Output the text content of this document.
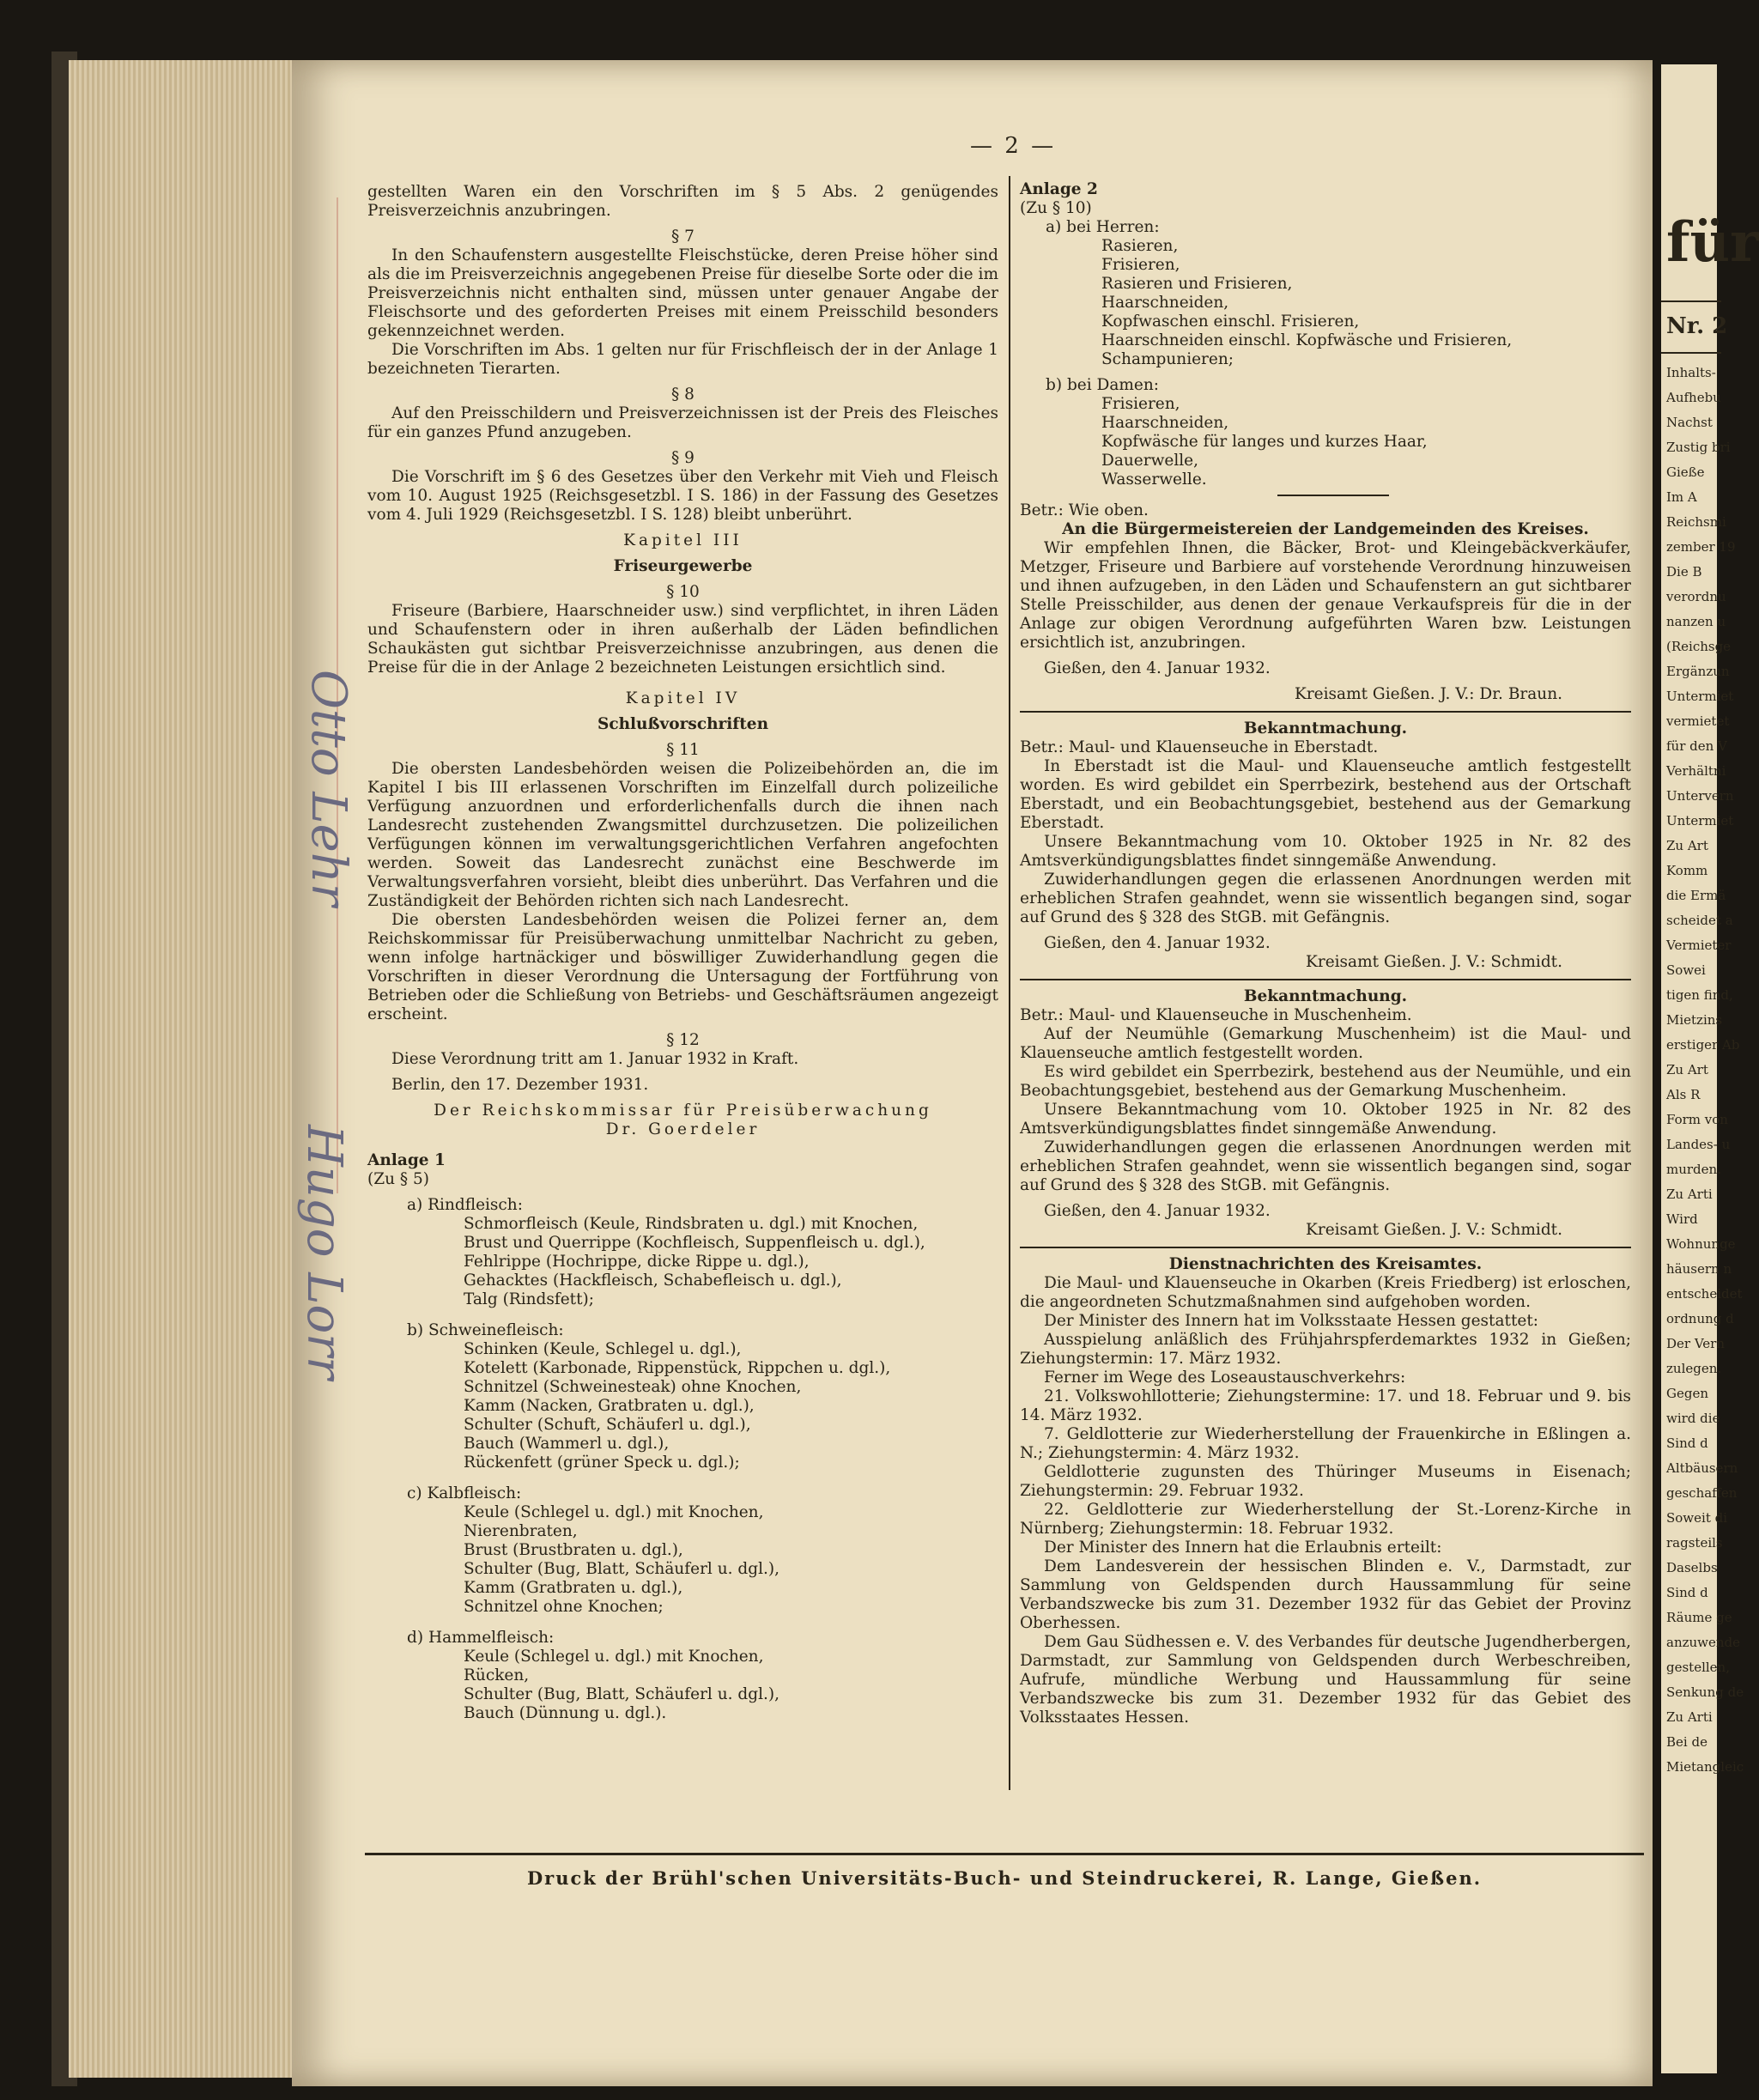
— 2 —

gestellten Waren ein den Vorschriften im § 5 Abs. 2 genügendes Preisverzeichnis anzubringen.

§ 7

In den Schaufenstern ausgestellte Fleischstücke, deren Preise höher sind als die im Preisverzeichnis angegebenen Preise für dieselbe Sorte oder die im Preisverzeichnis nicht enthalten sind, müssen unter genauer Angabe der Fleischsorte und des geforderten Preises mit einem Preisschild besonders gekennzeichnet werden.

Die Vorschriften im Abs. 1 gelten nur für Frischfleisch der in der Anlage 1 bezeichneten Tierarten.

§ 8

Auf den Preisschildern und Preisverzeichnissen ist der Preis des Fleisches für ein ganzes Pfund anzugeben.

§ 9

Die Vorschrift im § 6 des Gesetzes über den Verkehr mit Vieh und Fleisch vom 10. August 1925 (Reichsgesetzbl. I S. 186) in der Fassung des Gesetzes vom 4. Juli 1929 (Reichsgesetzbl. I S. 128) bleibt unberührt.

Kapitel III

Friseurgewerbe

§ 10

Friseure (Barbiere, Haarschneider usw.) sind verpflichtet, in ihren Läden und Schaufenstern oder in ihren außerhalb der Läden befindlichen Schaukästen gut sichtbar Preisverzeichnisse anzubringen, aus denen die Preise für die in der Anlage 2 bezeichneten Leistungen ersichtlich sind.

Kapitel IV

Schlußvorschriften

§ 11

Die obersten Landesbehörden weisen die Polizeibehörden an, die im Kapitel I bis III erlassenen Vorschriften im Einzelfall durch polizeiliche Verfügung anzuordnen und erforderlichenfalls durch die ihnen nach Landesrecht zustehenden Zwangsmittel durchzusetzen. Die polizeilichen Verfügungen können im verwaltungsgerichtlichen Verfahren angefochten werden. Soweit das Landesrecht zunächst eine Beschwerde im Verwaltungsverfahren vorsieht, bleibt dies unberührt. Das Verfahren und die Zuständigkeit der Behörden richten sich nach Landesrecht.

Die obersten Landesbehörden weisen die Polizei ferner an, dem Reichskommissar für Preisüberwachung unmittelbar Nachricht zu geben, wenn infolge hartnäckiger und böswilliger Zuwiderhandlung gegen die Vorschriften in dieser Verordnung die Untersagung der Fortführung von Betrieben oder die Schließung von Betriebs- und Geschäftsräumen angezeigt erscheint.

§ 12

Diese Verordnung tritt am 1. Januar 1932 in Kraft.

Berlin, den 17. Dezember 1931.

Der Reichskommissar für Preisüberwachung

Dr. Goerdeler

Anlage 1

(Zu § 5)

a) Rindfleisch:

Schmorfleisch (Keule, Rindsbraten u. dgl.) mit Knochen,
Brust und Querrippe (Kochfleisch, Suppenfleisch u. dgl.),
Fehlrippe (Hochrippe, dicke Rippe u. dgl.),
Gehacktes (Hackfleisch, Schabefleisch u. dgl.),
Talg (Rindsfett);

b) Schweinefleisch:

Schinken (Keule, Schlegel u. dgl.),
Kotelett (Karbonade, Rippenstück, Rippchen u. dgl.),
Schnitzel (Schweinesteak) ohne Knochen,
Kamm (Nacken, Gratbraten u. dgl.),
Schulter (Schuft, Schäuferl u. dgl.),
Bauch (Wammerl u. dgl.),
Rückenfett (grüner Speck u. dgl.);

c) Kalbfleisch:

Keule (Schlegel u. dgl.) mit Knochen,
Nierenbraten,
Brust (Brustbraten u. dgl.),
Schulter (Bug, Blatt, Schäuferl u. dgl.),
Kamm (Gratbraten u. dgl.),
Schnitzel ohne Knochen;

d) Hammelfleisch:

Keule (Schlegel u. dgl.) mit Knochen,
Rücken,
Schulter (Bug, Blatt, Schäuferl u. dgl.),
Bauch (Dünnung u. dgl.).

Anlage 2

(Zu § 10)

a) bei Herren:

Rasieren,
Frisieren,
Rasieren und Frisieren,
Haarschneiden,
Kopfwaschen einschl. Frisieren,
Haarschneiden einschl. Kopfwäsche und Frisieren,
Schampunieren;

b) bei Damen:

Frisieren,
Haarschneiden,
Kopfwäsche für langes und kurzes Haar,
Dauerwelle,
Wasserwelle.

Betr.: Wie oben.

An die Bürgermeistereien der Landgemeinden des Kreises.

Wir empfehlen Ihnen, die Bäcker, Brot- und Kleingebäckverkäufer, Metzger, Friseure und Barbiere auf vorstehende Verordnung hinzuweisen und ihnen aufzugeben, in den Läden und Schaufenstern an gut sichtbarer Stelle Preisschilder, aus denen der genaue Verkaufspreis für die in der Anlage zur obigen Verordnung aufgeführten Waren bzw. Leistungen ersichtlich ist, anzubringen.

Gießen, den 4. Januar 1932.

Kreisamt Gießen. J. V.: Dr. Braun.

Bekanntmachung.

Betr.: Maul- und Klauenseuche in Eberstadt.

In Eberstadt ist die Maul- und Klauenseuche amtlich festgestellt worden. Es wird gebildet ein Sperrbezirk, bestehend aus der Ortschaft Eberstadt, und ein Beobachtungsgebiet, bestehend aus der Gemarkung Eberstadt.

Unsere Bekanntmachung vom 10. Oktober 1925 in Nr. 82 des Amtsverkündigungsblattes findet sinngemäße Anwendung.

Zuwiderhandlungen gegen die erlassenen Anordnungen werden mit erheblichen Strafen geahndet, wenn sie wissentlich begangen sind, sogar auf Grund des § 328 des StGB. mit Gefängnis.

Gießen, den 4. Januar 1932.

Kreisamt Gießen. J. V.: Schmidt.

Bekanntmachung.

Betr.: Maul- und Klauenseuche in Muschenheim.

Auf der Neumühle (Gemarkung Muschenheim) ist die Maul- und Klauenseuche amtlich festgestellt worden.

Es wird gebildet ein Sperrbezirk, bestehend aus der Neumühle, und ein Beobachtungsgebiet, bestehend aus der Gemarkung Muschenheim.

Unsere Bekanntmachung vom 10. Oktober 1925 in Nr. 82 des Amtsverkündigungsblattes findet sinngemäße Anwendung.

Zuwiderhandlungen gegen die erlassenen Anordnungen werden mit erheblichen Strafen geahndet, wenn sie wissentlich begangen sind, sogar auf Grund des § 328 des StGB. mit Gefängnis.

Gießen, den 4. Januar 1932.

Kreisamt Gießen. J. V.: Schmidt.

Dienstnachrichten des Kreisamtes.

Die Maul- und Klauenseuche in Okarben (Kreis Friedberg) ist erloschen, die angeordneten Schutzmaßnahmen sind aufgehoben worden.

Der Minister des Innern hat im Volksstaate Hessen gestattet:

Ausspielung anläßlich des Frühjahrspferdemarktes 1932 in Gießen; Ziehungstermin: 17. März 1932.

Ferner im Wege des Loseaustauschverkehrs:

21. Volkswohllotterie; Ziehungstermine: 17. und 18. Februar und 9. bis 14. März 1932.

7. Geldlotterie zur Wiederherstellung der Frauenkirche in Eßlingen a. N.; Ziehungstermin: 4. März 1932.

Geldlotterie zugunsten des Thüringer Museums in Eisenach; Ziehungstermin: 29. Februar 1932.

22. Geldlotterie zur Wiederherstellung der St.-Lorenz-Kirche in Nürnberg; Ziehungstermin: 18. Februar 1932.

Der Minister des Innern hat die Erlaubnis erteilt:

Dem Landesverein der hessischen Blinden e. V., Darmstadt, zur Sammlung von Geldspenden durch Haussammlung für seine Verbandszwecke bis zum 31. Dezember 1932 für das Gebiet der Provinz Oberhessen.

Dem Gau Südhessen e. V. des Verbandes für deutsche Jugendherbergen, Darmstadt, zur Sammlung von Geldspenden durch Werbeschreiben, Aufrufe, mündliche Werbung und Haussammlung für seine Verbandszwecke bis zum 31. Dezember 1932 für das Gebiet des Volksstaates Hessen.

Druck der Brühl'schen Universitäts-Buch- und Steindruckerei, R. Lange, Gießen.
Otto Lehr
Hugo Lorr
für
Nr. 2
Inhalts-
Aufhebu
Nachst
Zustig bri
Gieße
Im A
Reichsmi
zember 19
Die B
verordnu
nanzen u
(Reichsge
Ergänzun
Untermiet
vermietet
für den V
Verhältni
Untervern
Untermiet
Zu Art
Komm
die Ermä
scheidet a
Vermieter
Sowei
tigen find,
Mietzins
erstiger Ab
Zu Art
Als R
Form von
Landes- u
murden.
Zu Arti
Wird
Wohnunge
häusern n
entscheidet
ordnung d
Der Vern
zulegen.
Gegen
wird die
Sind d
Altbäusern
geschaffen
Soweit di
ragsteils
Daselbs
Sind d
Räume ge
anzuwende
gestellen,
Senkung de
Zu Arti
Bei de
Mietangleic
